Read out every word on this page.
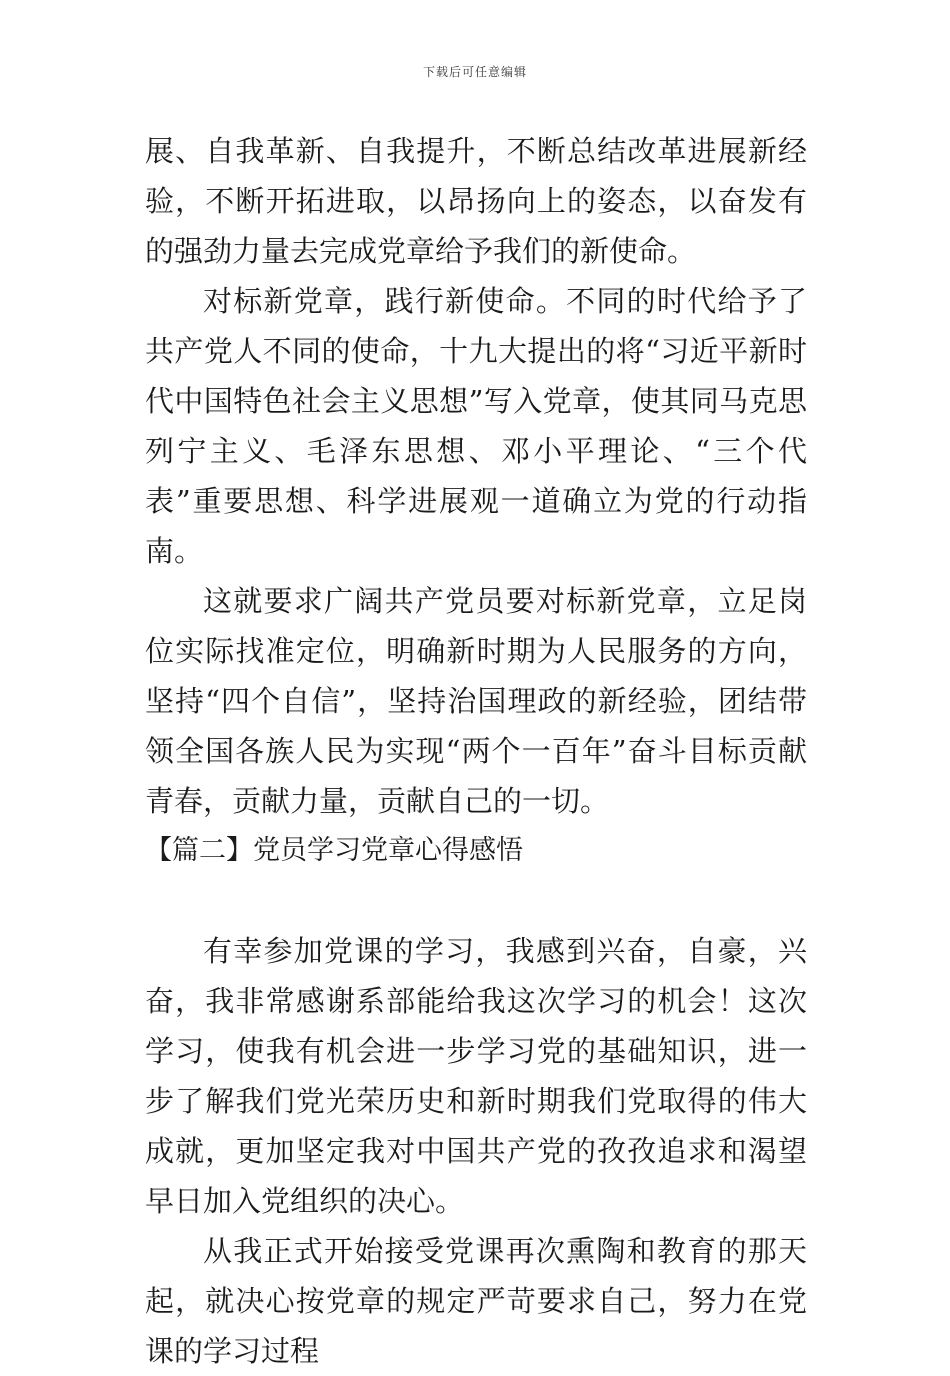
下载后可任意编辑

展、自我革新、自我提升，不断总结改革进展新经验，不断开拓进取，以昂扬向上的姿态，以奋发有的强劲力量去完成党章给予我们的新使命。

对标新党章，践行新使命。不同的时代给予了共产党人不同的使命，十九大提出的将“习近平新时代中国特色社会主义思想”写入党章，使其同马克思列宁主义、毛泽东思想、邓小平理论、“三个代表”重要思想、科学进展观一道确立为党的行动指南。

这就要求广阔共产党员要对标新党章，立足岗位实际找准定位，明确新时期为人民服务的方向，坚持“四个自信”，坚持治国理政的新经验，团结带领全国各族人民为实现“两个一百年”奋斗目标贡献青春，贡献力量，贡献自己的一切。

【篇二】党员学习党章心得感悟

有幸参加党课的学习，我感到兴奋，自豪，兴奋，我非常感谢系部能给我这次学习的机会！这次学习，使我有机会进一步学习党的基础知识，进一步了解我们党光荣历史和新时期我们党取得的伟大成就，更加坚定我对中国共产党的孜孜追求和渴望早日加入党组织的决心。

从我正式开始接受党课再次熏陶和教育的那天起，就决心按党章的规定严苛要求自己，努力在党课的学习过程
